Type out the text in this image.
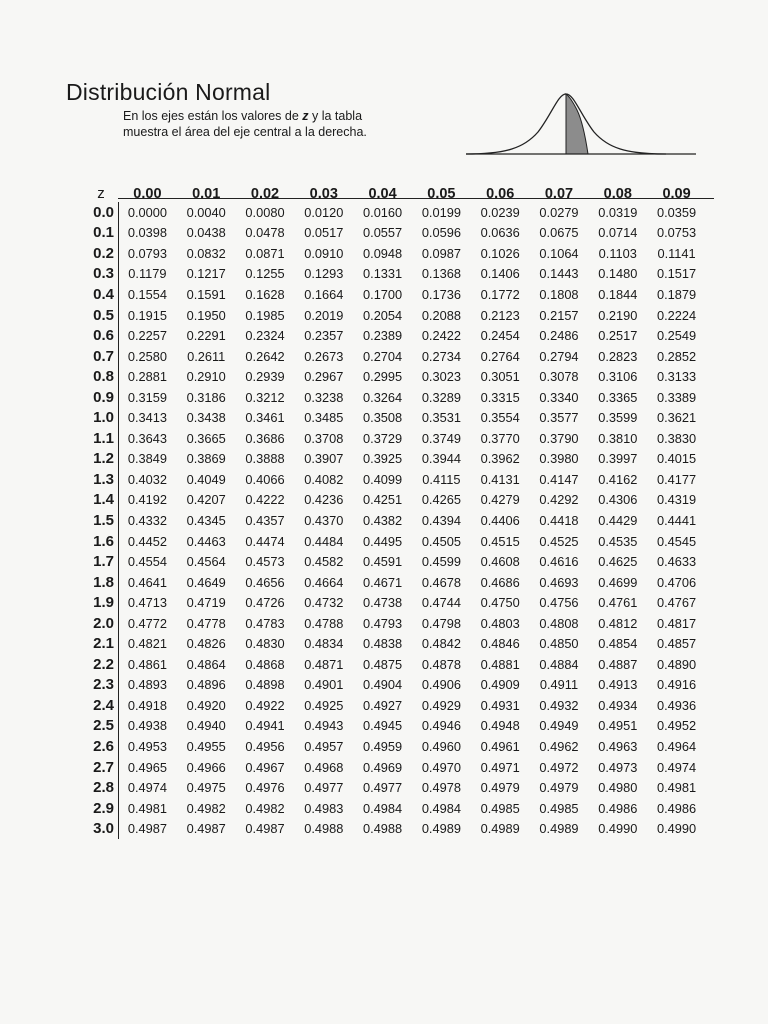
Distribución Normal
En los ejes están los valores de z y la tabla
muestra el área del eje central a la derecha.
z	0.00	0.01	0.02	0.03	0.04	0.05	0.06	0.07	0.08	0.09
0.0	0.0000	0.0040	0.0080	0.0120	0.0160	0.0199	0.0239	0.0279	0.0319	0.0359
0.1	0.0398	0.0438	0.0478	0.0517	0.0557	0.0596	0.0636	0.0675	0.0714	0.0753
0.2	0.0793	0.0832	0.0871	0.0910	0.0948	0.0987	0.1026	0.1064	0.1103	0.1141
0.3	0.1179	0.1217	0.1255	0.1293	0.1331	0.1368	0.1406	0.1443	0.1480	0.1517
0.4	0.1554	0.1591	0.1628	0.1664	0.1700	0.1736	0.1772	0.1808	0.1844	0.1879
0.5	0.1915	0.1950	0.1985	0.2019	0.2054	0.2088	0.2123	0.2157	0.2190	0.2224
0.6	0.2257	0.2291	0.2324	0.2357	0.2389	0.2422	0.2454	0.2486	0.2517	0.2549
0.7	0.2580	0.2611	0.2642	0.2673	0.2704	0.2734	0.2764	0.2794	0.2823	0.2852
0.8	0.2881	0.2910	0.2939	0.2967	0.2995	0.3023	0.3051	0.3078	0.3106	0.3133
0.9	0.3159	0.3186	0.3212	0.3238	0.3264	0.3289	0.3315	0.3340	0.3365	0.3389
1.0	0.3413	0.3438	0.3461	0.3485	0.3508	0.3531	0.3554	0.3577	0.3599	0.3621
1.1	0.3643	0.3665	0.3686	0.3708	0.3729	0.3749	0.3770	0.3790	0.3810	0.3830
1.2	0.3849	0.3869	0.3888	0.3907	0.3925	0.3944	0.3962	0.3980	0.3997	0.4015
1.3	0.4032	0.4049	0.4066	0.4082	0.4099	0.4115	0.4131	0.4147	0.4162	0.4177
1.4	0.4192	0.4207	0.4222	0.4236	0.4251	0.4265	0.4279	0.4292	0.4306	0.4319
1.5	0.4332	0.4345	0.4357	0.4370	0.4382	0.4394	0.4406	0.4418	0.4429	0.4441
1.6	0.4452	0.4463	0.4474	0.4484	0.4495	0.4505	0.4515	0.4525	0.4535	0.4545
1.7	0.4554	0.4564	0.4573	0.4582	0.4591	0.4599	0.4608	0.4616	0.4625	0.4633
1.8	0.4641	0.4649	0.4656	0.4664	0.4671	0.4678	0.4686	0.4693	0.4699	0.4706
1.9	0.4713	0.4719	0.4726	0.4732	0.4738	0.4744	0.4750	0.4756	0.4761	0.4767
2.0	0.4772	0.4778	0.4783	0.4788	0.4793	0.4798	0.4803	0.4808	0.4812	0.4817
2.1	0.4821	0.4826	0.4830	0.4834	0.4838	0.4842	0.4846	0.4850	0.4854	0.4857
2.2	0.4861	0.4864	0.4868	0.4871	0.4875	0.4878	0.4881	0.4884	0.4887	0.4890
2.3	0.4893	0.4896	0.4898	0.4901	0.4904	0.4906	0.4909	0.4911	0.4913	0.4916
2.4	0.4918	0.4920	0.4922	0.4925	0.4927	0.4929	0.4931	0.4932	0.4934	0.4936
2.5	0.4938	0.4940	0.4941	0.4943	0.4945	0.4946	0.4948	0.4949	0.4951	0.4952
2.6	0.4953	0.4955	0.4956	0.4957	0.4959	0.4960	0.4961	0.4962	0.4963	0.4964
2.7	0.4965	0.4966	0.4967	0.4968	0.4969	0.4970	0.4971	0.4972	0.4973	0.4974
2.8	0.4974	0.4975	0.4976	0.4977	0.4977	0.4978	0.4979	0.4979	0.4980	0.4981
2.9	0.4981	0.4982	0.4982	0.4983	0.4984	0.4984	0.4985	0.4985	0.4986	0.4986
3.0	0.4987	0.4987	0.4987	0.4988	0.4988	0.4989	0.4989	0.4989	0.4990	0.4990
